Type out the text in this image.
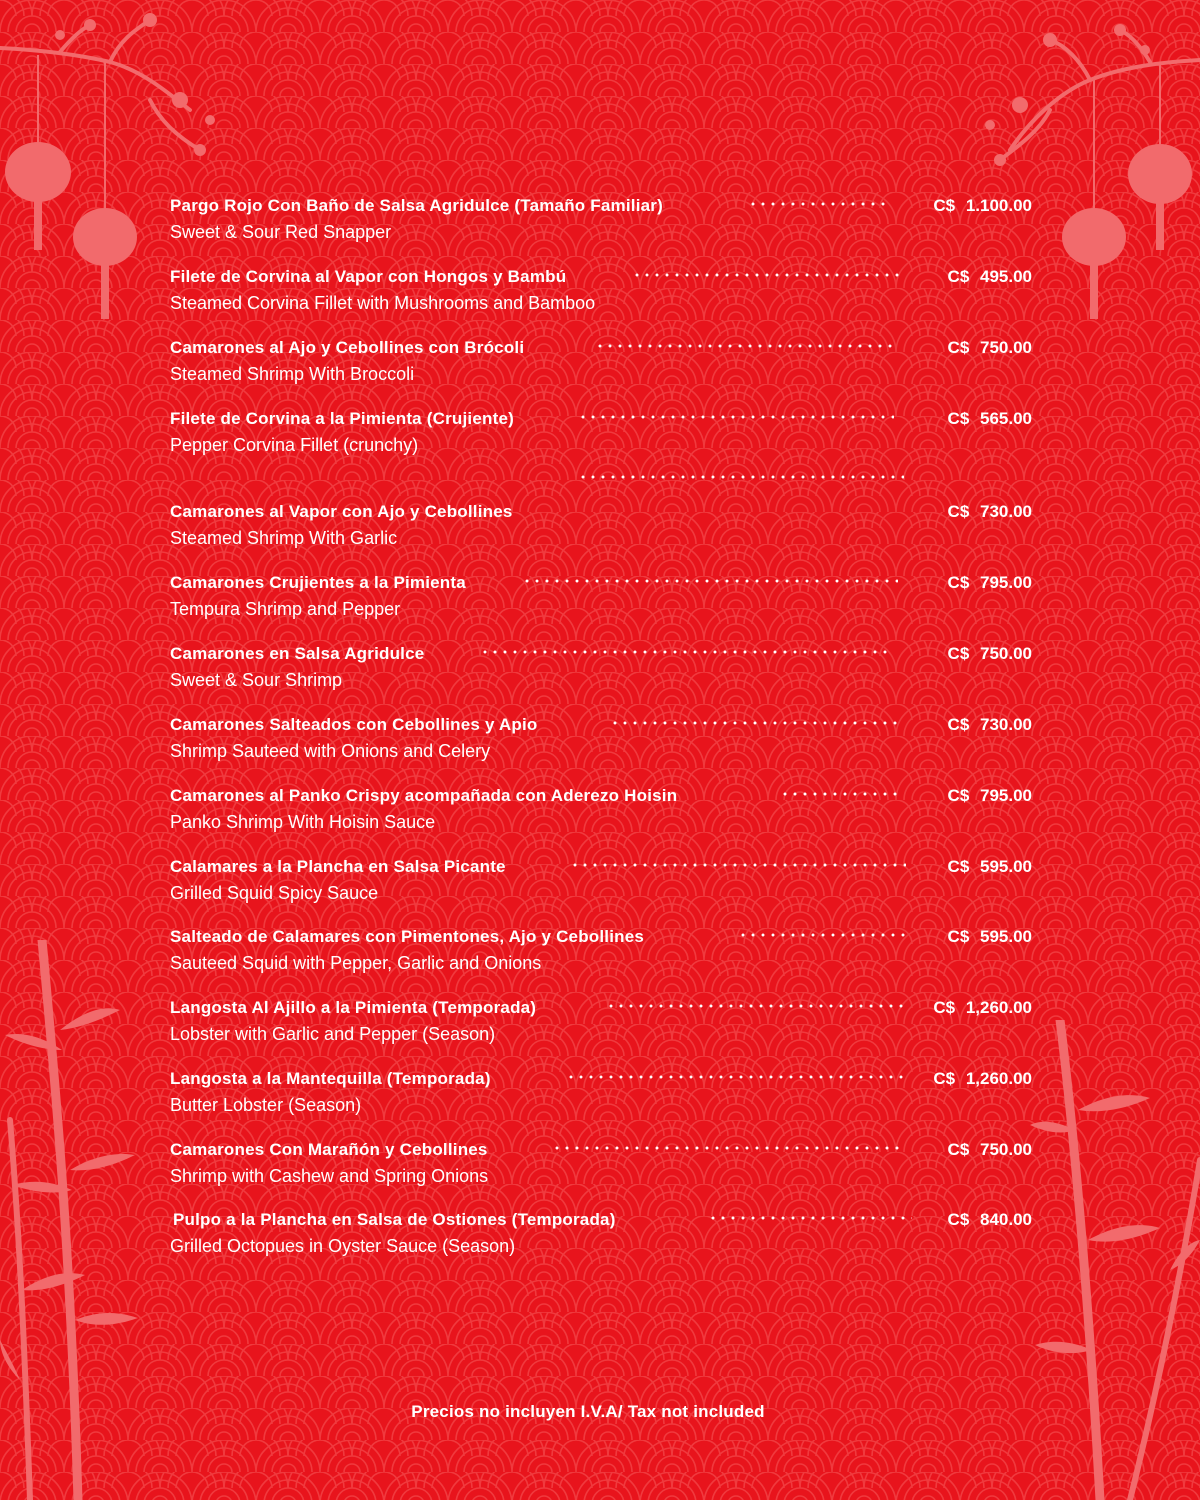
Pargo Rojo Con Baño de Salsa Agridulce (Tamaño Familiar)
Sweet & Sour Red Snapper
C$ 1.100.00
Filete de Corvina al Vapor con Hongos y Bambú
Steamed Corvina Fillet with Mushrooms and Bamboo
C$ 495.00
Camarones al Ajo y Cebollines con Brócoli
Steamed Shrimp With Broccoli
C$ 750.00
Filete de Corvina a la Pimienta (Crujiente)
Pepper Corvina Fillet (crunchy)
C$ 565.00
Camarones al Vapor con Ajo y Cebollines
Steamed Shrimp With Garlic
C$ 730.00
Camarones Crujientes a la Pimienta
Tempura Shrimp and Pepper
C$ 795.00
Camarones en Salsa Agridulce
Sweet & Sour Shrimp
C$ 750.00
Camarones Salteados con Cebollines y Apio
Shrimp Sauteed with Onions and Celery
C$ 730.00
Camarones al Panko Crispy acompañada con Aderezo Hoisin
Panko Shrimp With Hoisin Sauce
C$ 795.00
Calamares a la Plancha en Salsa Picante
Grilled Squid Spicy Sauce
C$ 595.00
Salteado de Calamares con Pimentones, Ajo y Cebollines
Sauteed Squid with Pepper, Garlic and Onions
C$ 595.00
Langosta Al Ajillo a la Pimienta (Temporada)
Lobster with Garlic and Pepper (Season)
C$ 1,260.00
Langosta a la Mantequilla (Temporada)
Butter Lobster (Season)
C$ 1,260.00
Camarones Con Marañón y Cebollines
Shrimp with Cashew and Spring Onions
C$ 750.00
Pulpo a la Plancha en Salsa de Ostiones (Temporada)
Grilled Octopues in Oyster Sauce (Season)
C$ 840.00
Precios no incluyen I.V.A/ Tax not included
